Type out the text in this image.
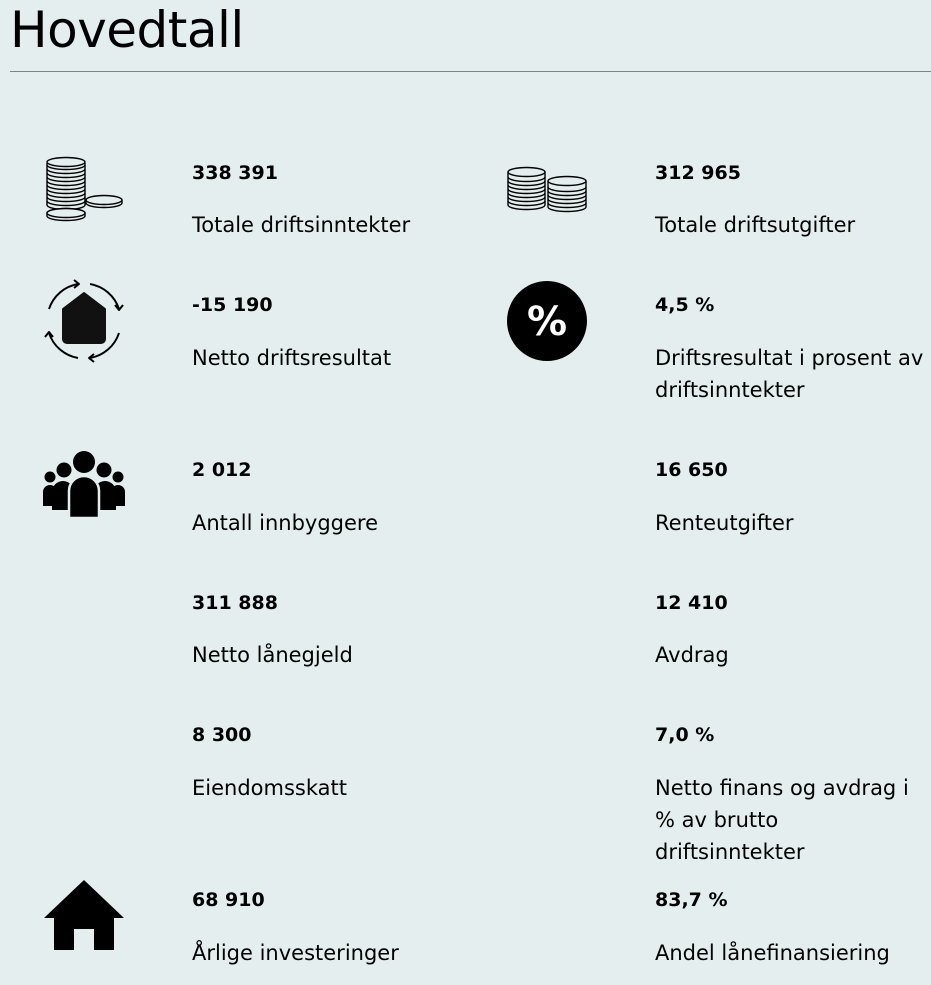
Hovedtall
338 391
Totale driftsinntekter
312 965
Totale driftsutgifter
-15 190
Netto driftsresultat
%	4,5 %
Driftsresultat i prosent av driftsinntekter
2 012
Antall innbyggere
16 650
Renteutgifter
311 888
Netto lånegjeld
12 410
Avdrag
8 300
Eiendomsskatt
7,0 %
Netto finans og avdrag i % av brutto driftsinntekter
68 910
Årlige investeringer
83,7 %
Andel lånefinansiering
